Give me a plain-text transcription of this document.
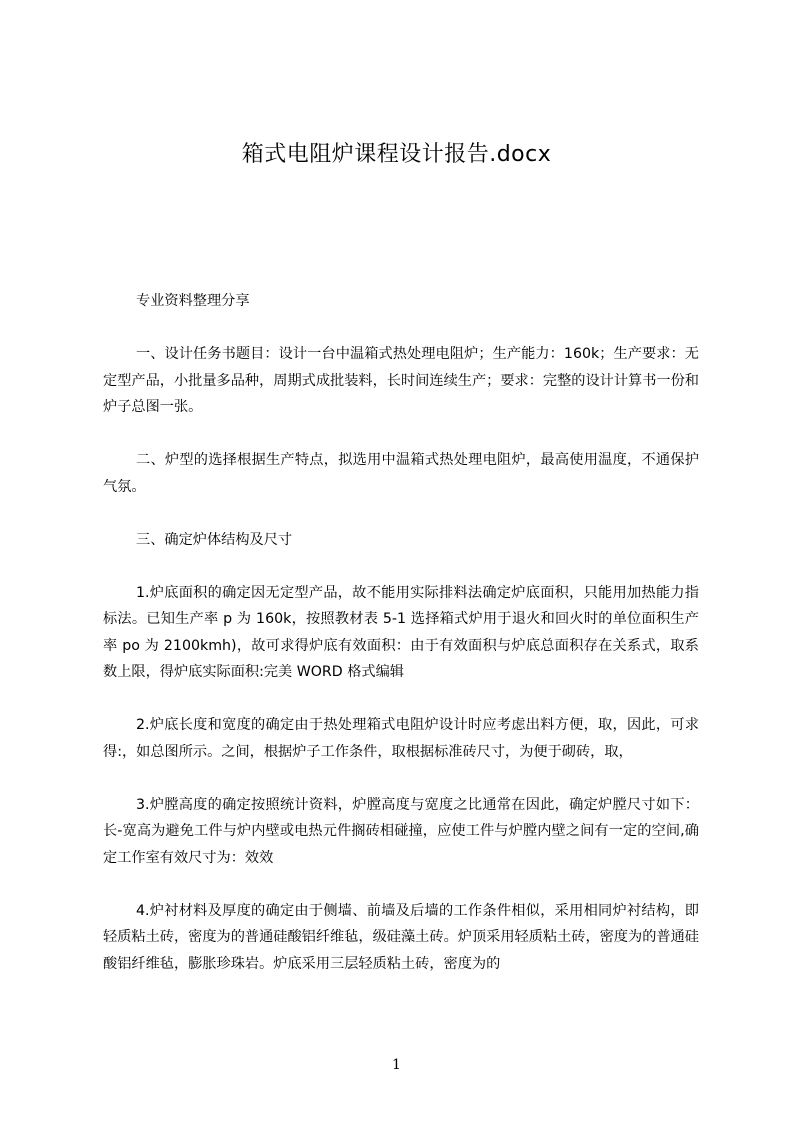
箱式电阻炉课程设计报告.docx

专业资料整理分享

一、设计任务书题目：设计一台中温箱式热处理电阻炉；生产能力：160k；生产要求：无定型产品，小批量多品种，周期式成批装料，长时间连续生产；要求：完整的设计计算书一份和炉子总图一张。

二、炉型的选择根据生产特点，拟选用中温箱式热处理电阻炉，最高使用温度，不通保护气氛。

三、确定炉体结构及尺寸

1.炉底面积的确定因无定型产品，故不能用实际排料法确定炉底面积，只能用加热能力指标法。已知生产率 p 为 160k，按照教材表 5-1 选择箱式炉用于退火和回火时的单位面积生产率 po 为 2100kmh)，故可求得炉底有效面积：由于有效面积与炉底总面积存在关系式，取系数上限，得炉底实际面积:完美 WORD 格式编辑

2.炉底长度和宽度的确定由于热处理箱式电阻炉设计时应考虑出料方便，取，因此，可求得:，如总图所示。之间，根据炉子工作条件，取根据标准砖尺寸，为便于砌砖，取，

3.炉膛高度的确定按照统计资料，炉膛高度与宽度之比通常在因此，确定炉膛尺寸如下：长-宽高为避免工件与炉内壁或电热元件搁砖相碰撞，应使工件与炉膛内壁之间有一定的空间,确定工作室有效尺寸为：效效

4.炉衬材料及厚度的确定由于侧墙、前墙及后墙的工作条件相似，采用相同炉衬结构，即轻质粘土砖，密度为的普通硅酸铝纤维毡，级硅藻土砖。炉顶采用轻质粘土砖，密度为的普通硅酸铝纤维毡，膨胀珍珠岩。炉底采用三层轻质粘土砖，密度为的

1
